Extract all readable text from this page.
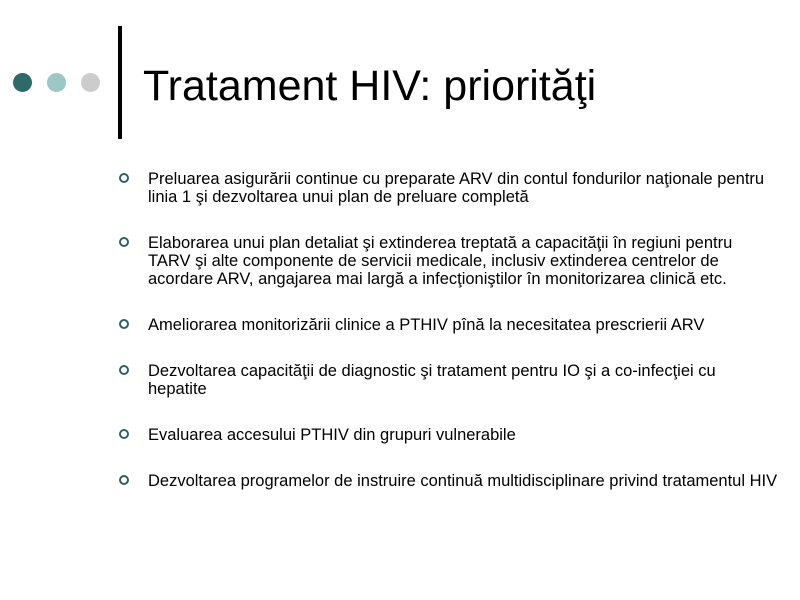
Tratament HIV: priorităţi
Preluarea asigurării continue cu preparate ARV din contul fondurilor naţionale pentru linia 1 şi dezvoltarea unui plan de preluare completă
Elaborarea unui plan detaliat şi extinderea treptată a capacităţii în regiuni pentru TARV şi alte componente de servicii medicale, inclusiv extinderea centrelor de acordare ARV, angajarea mai largă a infecţioniştilor în monitorizarea clinică etc.
Ameliorarea monitorizării clinice a PTHIV pînă la necesitatea prescrierii ARV
Dezvoltarea capacităţii de diagnostic şi tratament pentru IO şi a co-infecţiei cu hepatite
Evaluarea accesului PTHIV din grupuri vulnerabile
Dezvoltarea programelor de instruire continuă multidisciplinare privind tratamentul HIV
